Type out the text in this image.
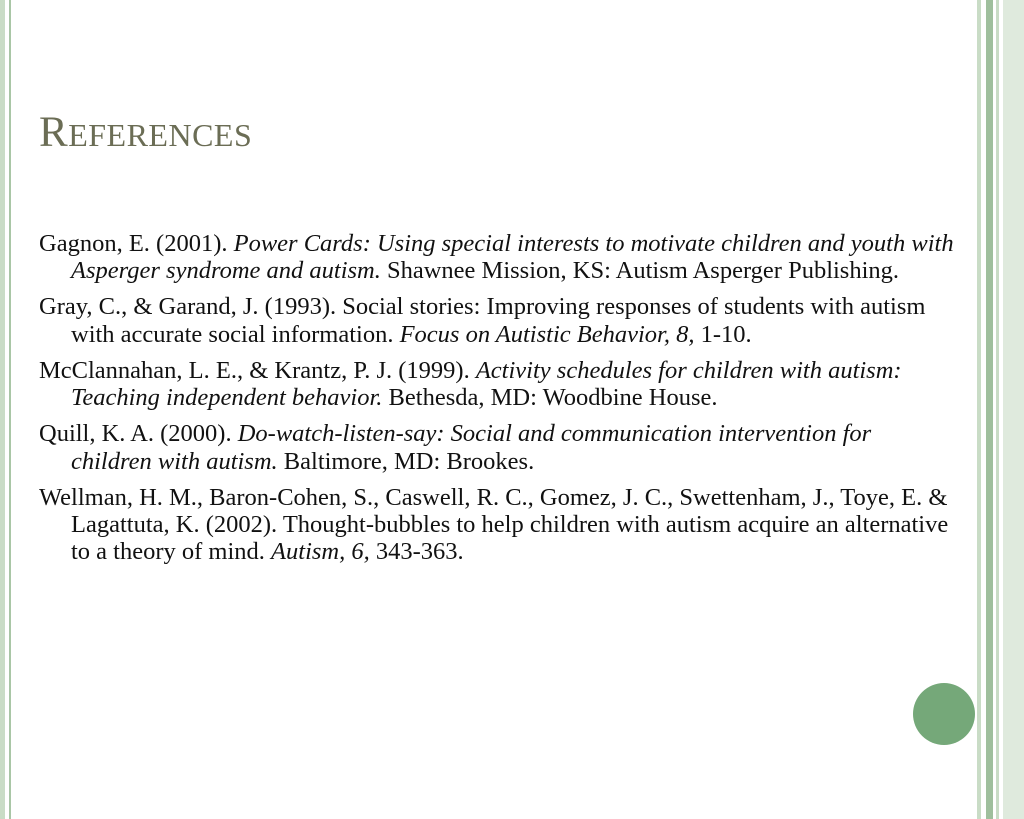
REFERENCES

Gagnon, E. (2001). Power Cards: Using special interests to motivate children and youth with Asperger syndrome and autism. Shawnee Mission, KS: Autism Asperger Publishing.

Gray, C., & Garand, J. (1993). Social stories: Improving responses of students with autism with accurate social information. Focus on Autistic Behavior, 8, 1-10.

McClannahan, L. E., & Krantz, P. J. (1999). Activity schedules for children with autism: Teaching independent behavior. Bethesda, MD: Woodbine House.

Quill, K. A. (2000). Do-watch-listen-say: Social and communication intervention for children with autism. Baltimore, MD: Brookes.

Wellman, H. M., Baron-Cohen, S., Caswell, R. C., Gomez, J. C., Swettenham, J., Toye, E. & Lagattuta, K. (2002). Thought-bubbles to help children with autism acquire an alternative to a theory of mind. Autism, 6, 343-363.
